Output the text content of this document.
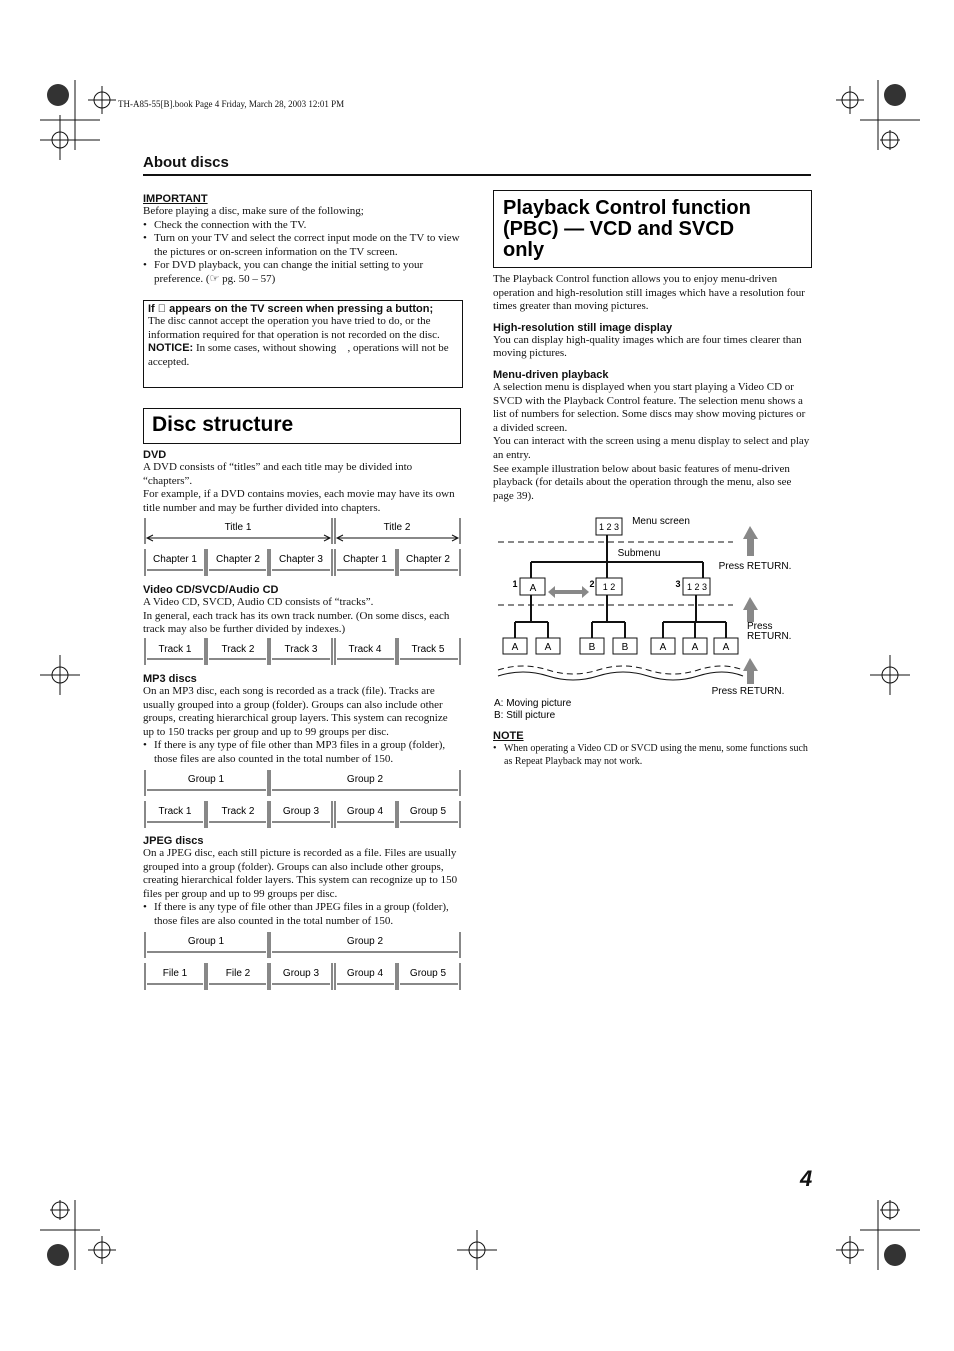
TH-A85-55[B].book Page 4 Friday, March 28, 2003 12:01 PM
About discs
IMPORTANT
Before playing a disc, make sure of the following;
• Check the connection with the TV.
• Turn on your TV and select the correct input mode on the TV to view the pictures or on-screen information on the TV screen.
• For DVD playback, you can change the initial setting to your preference. (☞ pg. 50 – 57)
If ⃠ appears on the TV screen when pressing a button;
The disc cannot accept the operation you have tried to do, or the information required for that operation is not recorded on the disc.
NOTICE: In some cases, without showing ⃠, operations will not be accepted.
Disc structure
DVD
A DVD consists of “titles” and each title may be divided into “chapters”.
For example, if a DVD contains movies, each movie may have its own title number and may be further divided into chapters.
Title 1	Title 2
Chapter 1 Chapter 2 Chapter 3 Chapter 1 Chapter 2
Video CD/SVCD/Audio CD
A Video CD, SVCD, Audio CD consists of “tracks”.
In general, each track has its own track number. (On some discs, each track may also be further divided by indexes.)
Track 1	Track 2	Track 3	Track 4	Track 5
MP3 discs
On an MP3 disc, each song is recorded as a track (file). Tracks are usually grouped into a group (folder). Groups can also include other groups, creating hierarchical group layers. This system can recognize up to 150 tracks per group and up to 99 groups per disc.
• If there is any type of file other than MP3 files in a group (folder), those files are also counted in the total number of 150.
Group 1	Group 2
Track 1	Track 2	Group 3	Group 4	Group 5
JPEG discs
On a JPEG disc, each still picture is recorded as a file. Files are usually grouped into a group (folder). Groups can also include other groups, creating hierarchical folder layers. This system can recognize up to 150 files per group and up to 99 groups per disc.
• If there is any type of file other than JPEG files in a group (folder), those files are also counted in the total number of 150.
Group 1	Group 2
File 1	File 2	Group 3	Group 4	Group 5
Playback Control function
(PBC) — VCD and SVCD
only
The Playback Control function allows you to enjoy menu-driven operation and high-resolution still images which have a resolution four times greater than moving pictures.
High-resolution still image display
You can display high-quality images which are four times clearer than moving pictures.
Menu-driven playback
A selection menu is displayed when you start playing a Video CD or SVCD with the Playback Control feature. The selection menu shows a list of numbers for selection. Some discs may show moving pictures or a divided screen.
You can interact with the screen using a menu display to select and play an entry.
See example illustration below about basic features of menu-driven playback (for details about the operation through the menu, also see page 39).
1 2 3
1 2	1 2 3
A
Menu screen
Submenu
Press RETURN.
Press
RETURN.
Press RETURN.
1	2	3
A	A	B	B	A	A A
A: Moving picture
B: Still picture
NOTE
• When operating a Video CD or SVCD using the menu, some functions such as Repeat Playback may not work.
4
